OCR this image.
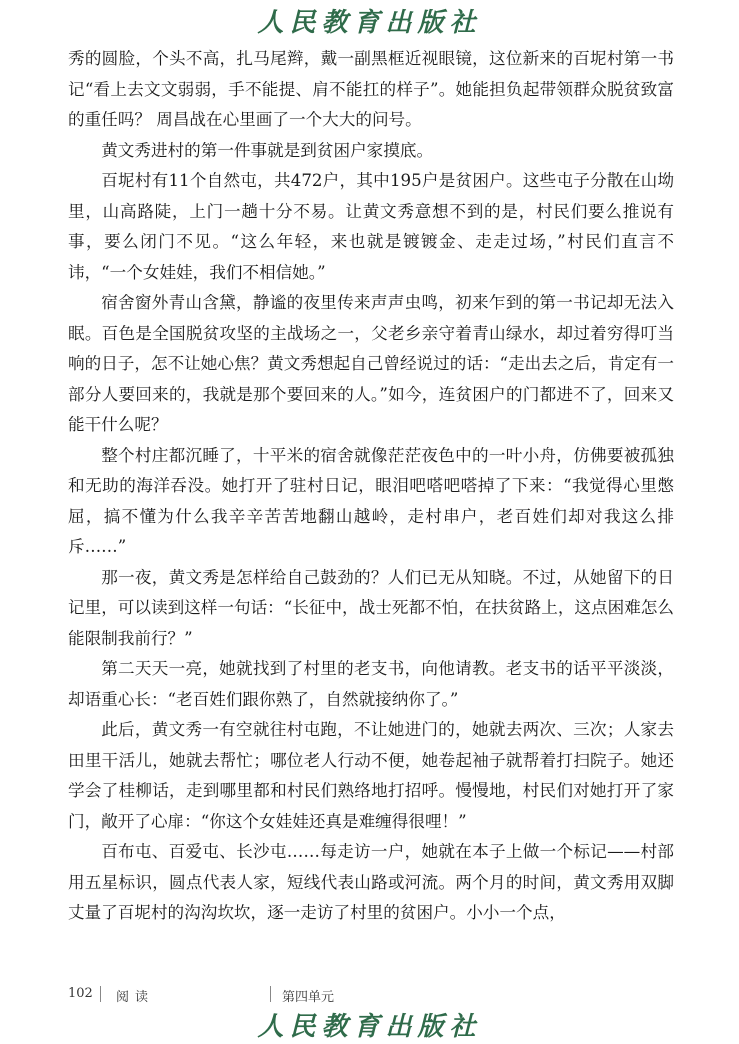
人民教育出版社

秀的圆脸，个头不高，扎马尾辫，戴一副黑框近视眼镜，这位新来的百坭村第一书记“看上去文文弱弱，手不能提、肩不能扛的样子”。她能担负起带领群众脱贫致富的重任吗？ 周昌战在心里画了一个大大的问号。

黄文秀进村的第一件事就是到贫困户家摸底。

百坭村有11个自然屯，共472户，其中195户是贫困户。这些屯子分散在山坳里，山高路陡，上门一趟十分不易。让黄文秀意想不到的是，村民们要么推说有事，要么闭门不见。“这么年轻，来也就是镀镀金、走走过场，”村民们直言不讳，“一个女娃娃，我们不相信她。”

宿舍窗外青山含黛，静谧的夜里传来声声虫鸣，初来乍到的第一书记却无法入眠。百色是全国脱贫攻坚的主战场之一，父老乡亲守着青山绿水，却过着穷得叮当响的日子，怎不让她心焦？黄文秀想起自己曾经说过的话：“走出去之后，肯定有一部分人要回来的，我就是那个要回来的人。”如今，连贫困户的门都进不了，回来又能干什么呢？

整个村庄都沉睡了，十平米的宿舍就像茫茫夜色中的一叶小舟，仿佛要被孤独和无助的海洋吞没。她打开了驻村日记，眼泪吧嗒吧嗒掉了下来：“我觉得心里憋屈，搞不懂为什么我辛辛苦苦地翻山越岭，走村串户，老百姓们却对我这么排斥……”

那一夜，黄文秀是怎样给自己鼓劲的？人们已无从知晓。不过，从她留下的日记里，可以读到这样一句话：“长征中，战士死都不怕，在扶贫路上，这点困难怎么能限制我前行？”

第二天天一亮，她就找到了村里的老支书，向他请教。老支书的话平平淡淡，却语重心长：“老百姓们跟你熟了，自然就接纳你了。”

此后，黄文秀一有空就往村屯跑，不让她进门的，她就去两次、三次；人家去田里干活儿，她就去帮忙；哪位老人行动不便，她卷起袖子就帮着打扫院子。她还学会了桂柳话，走到哪里都和村民们熟络地打招呼。慢慢地，村民们对她打开了家门，敞开了心扉：“你这个女娃娃还真是难缠得很哩！”

百布屯、百爱屯、长沙屯……每走访一户，她就在本子上做一个标记——村部用五星标识，圆点代表人家，短线代表山路或河流。两个月的时间，黄文秀用双脚丈量了百坭村的沟沟坎坎，逐一走访了村里的贫困户。小小一个点，

102 阅读	第四单元
人民教育出版社
